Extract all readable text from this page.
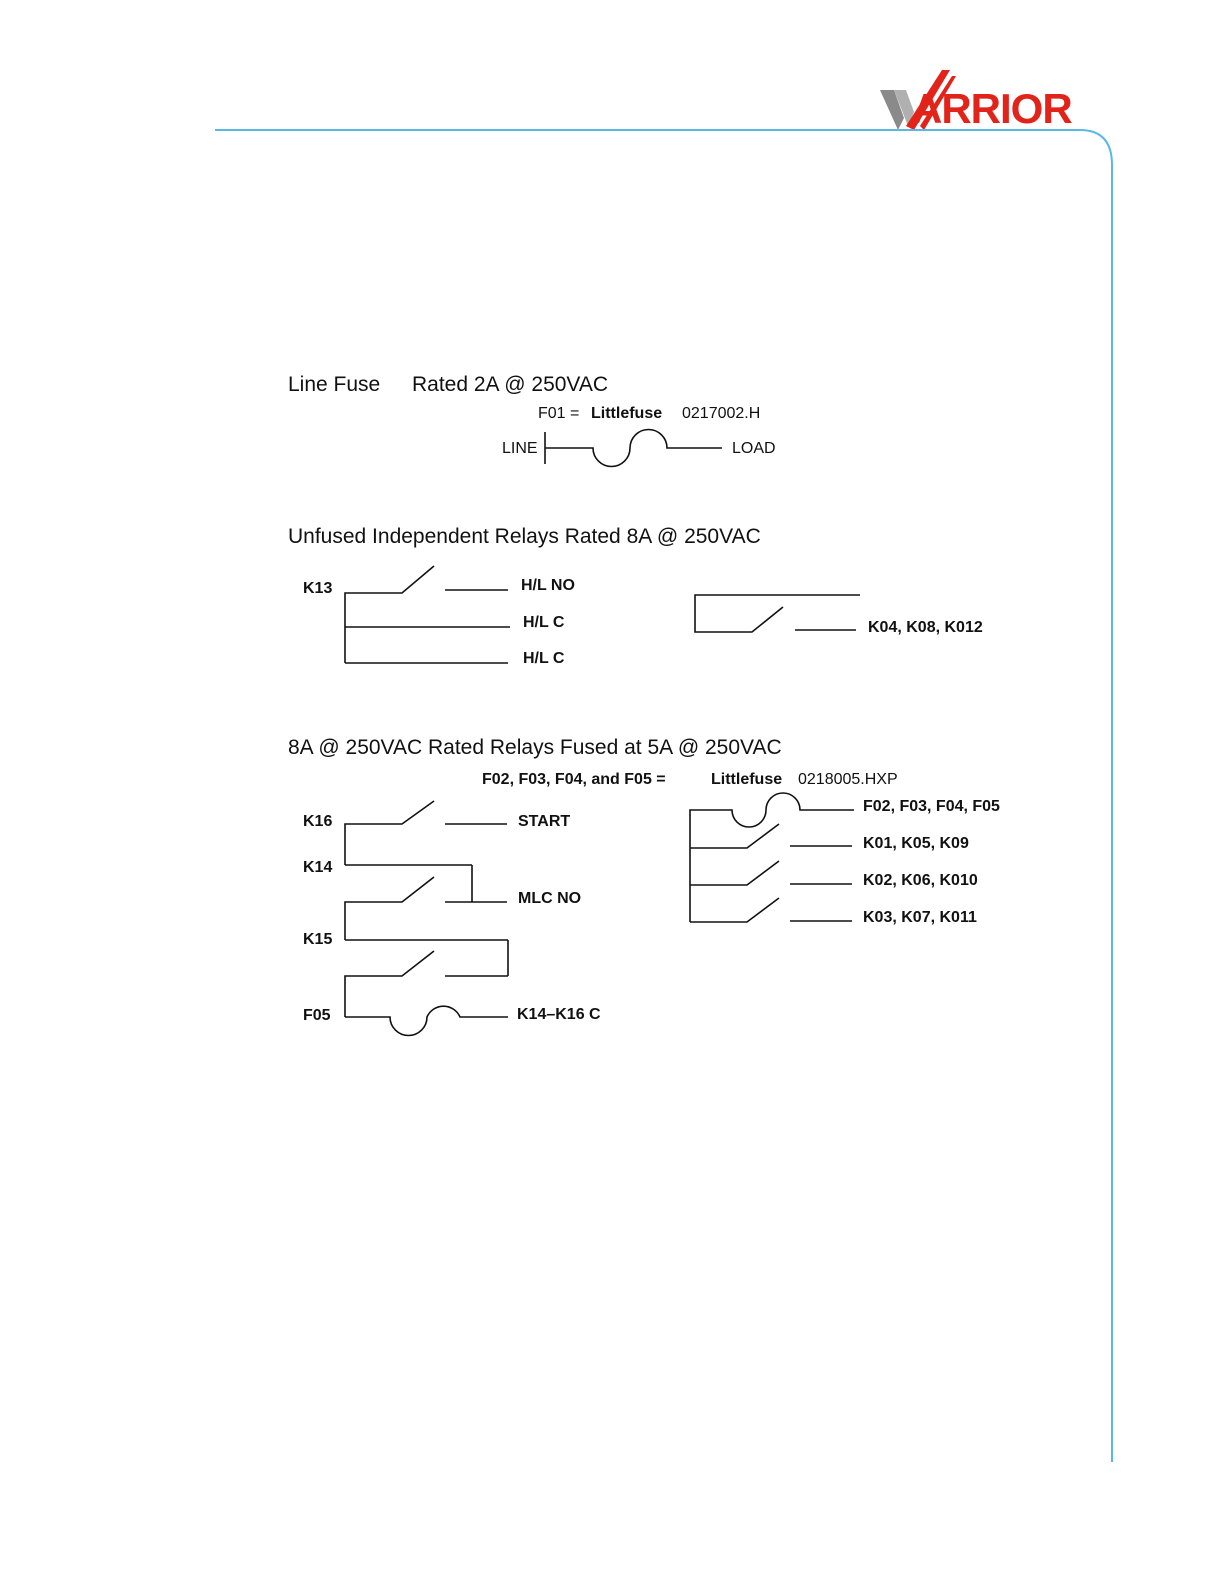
ARRIOR
Line Fuse Rated 2A @ 250VAC
F01 = Littlefuse 0217002.H
LINE	LOAD
Unfused Independent Relays Rated 8A @ 250VAC
K13	H/L NO
H/L C
H/L C
K04, K08, K012
8A @ 250VAC Rated Relays Fused at 5A @ 250VAC
F02, F03, F04, and F05 =	Littlefuse 0218005.HXP
K16
K14
K15
F05
START
MLC NO
K14–K16 C
F02, F03, F04, F05
K01, K05, K09
K02, K06, K010
K03, K07, K011
